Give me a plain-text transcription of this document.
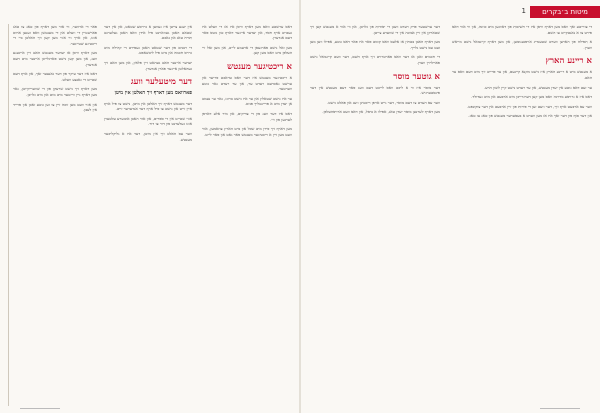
מיטות ב׳בקרים
1

פאר די ארזוער, ווי אזוי מען דארף פון טאג צו טאג פארשטיין די וועלט און די מענטשן וואס זענען ארום אונז, און אויך ווי אזוי מען קען זיך האלטן ביי די ריכטיגע שטייגער.

מען דארף וויסן אז יעדער מענטש האט זיין אייגענע וועג, און מען קען נישט פארגלייכן איינער מיט דעם אנדערן.

דאס איז דער עיקר פון דער גאנצער זאך, און אויף דעם שטייט די גאנצע וועלט.

מען דארף זיך נישט שרעקן פון די שוועריקייטן, נאר מען דארף גיין ווייטער מיט מוט און מיט גלויבן.

און אזוי וועט מען זוכה זיין צו זען גוטע זאכן און פרייד אין לעבן.

אין יענע צייטן איז געווען א גרויסע שטאט, און אין דער שטאט האבן געוואוינט פיל אידן וואס האבן געלערנט תורה טאג און נאכט.

די רבנים פון דער שטאט האבן געפירט די קהילה מיט גרויס חכמה און מיט פיל ליבשאפט.

יעדער איינער האט געהאט זיין פלאץ, און מען האט זיך געהאלטן איינער פארן אנדערן.

דער מיטעלער וועג
פארוואס מען דארף זיך האלטן אין מיטן

דער מענטש דארף זיך האלטן אין מיטן, נישט צו פיל אויף איין זייט און נישט צו פיל אויף דער אנדערער זייט.

אזוי שטייט אין די ספרים, און אזוי האבן אונזערע עלטערן אונז געלערנט פון דור צו דור.

ווער עס האלט זיך אין מיטן, דער איז א גליקליכער מענטש.

דאס ערשטע וואס מען דארף וויסן איז אז די וועלט איז געבויט אויף חסד, און יעדער איינער דארף טון גוטס פאר דעם אנדערן.

מען זאל נישט פארגעסן די ארעמע לייט, און מען זאל זיי העלפן מיט וואס מען קען.

א ריכטיגער מענטש

א ריכטיגער מענטש איז דער וואס טראכט פריער און ערשט נאכדעם רעדט ער, און ער רעדט נאר גוטע ווערטער.

ער איז נישט שטאלץ און ער איז נישט ברוגז, נאר ער נעמט אן יעדן מיט א פריינטליך פנים.

דאס איז דער וועג פון די צדיקים, און מיר אלע דארפן לערנען פון זיי.

מען דארף זיך פירן מיט שכל און מיט הארץ צוזאמען, אזוי וועט מען זיין א ריכטיגער מענטש פאר גאט און פאר לייט.

דער ערשטער פרק רעדט וועגן די יסודות פון גלויבן, און ווי אזוי א מענטש קען זיך שטארקן אין זיין אמונה אין די שווערע צייטן.

מען דארף האבן בטחון אז אלעס וואס קומט פאר איז פאר דאס גוטע, אפילו ווען מען זעט עס נישט גלייך.

די חכמים זאגן אז דער וואס פארטרויט זיך אויף השם, דער וועט קיינמאל נישט פארלוירן ווערן.

א גוטער מוסר

דער מוסר איז ווי א ליכט וואס לייכט דעם וועג פאר דעם מענטש אין דער פינסטערניש.

ווער עס הערט צו דעם מוסר, דער גייט אויפן ריכטיגן וועג און פאלט נישט.

מען דארף לערנען מוסר יעדן טאג, אפילו א ביסל, און דאס וועט ארויסהעלפן.

די צווייטע זאך וואס מען דארף וויסן איז די חשיבות פון דאוונען מיט כוונה, און ווי אזוי דאס פירט צו א נאנטקייט צו השם.

א תפילה פון הארצן ווערט שטענדיג אויפגענומען, און מען דארף קיינמאל נישט מייאש ווערן.

א ריינע הארץ

א מענטש מיט א ריינע הארץ איז נישט מקנא קיינעם, און ער פרייט זיך מיט דעם וואס ער האט.

ער זעט דאס גוטע אין יעדן מענטש, און ער רעדט נישט קיין לשון הרע.

דאס איז א גרויסע מדרגה וואס מען קען דערגרייכן מיט ארבעט און מיט געדולד.

ווער עס ארבעט אויף זיך, דער וועט זען די פירות פון זיין ארבעט אין דער צוקונפט.

און דער סוף פון דער זאך איז אז מען ווערט א בעסערער מענטש פון טאג צו טאג.
